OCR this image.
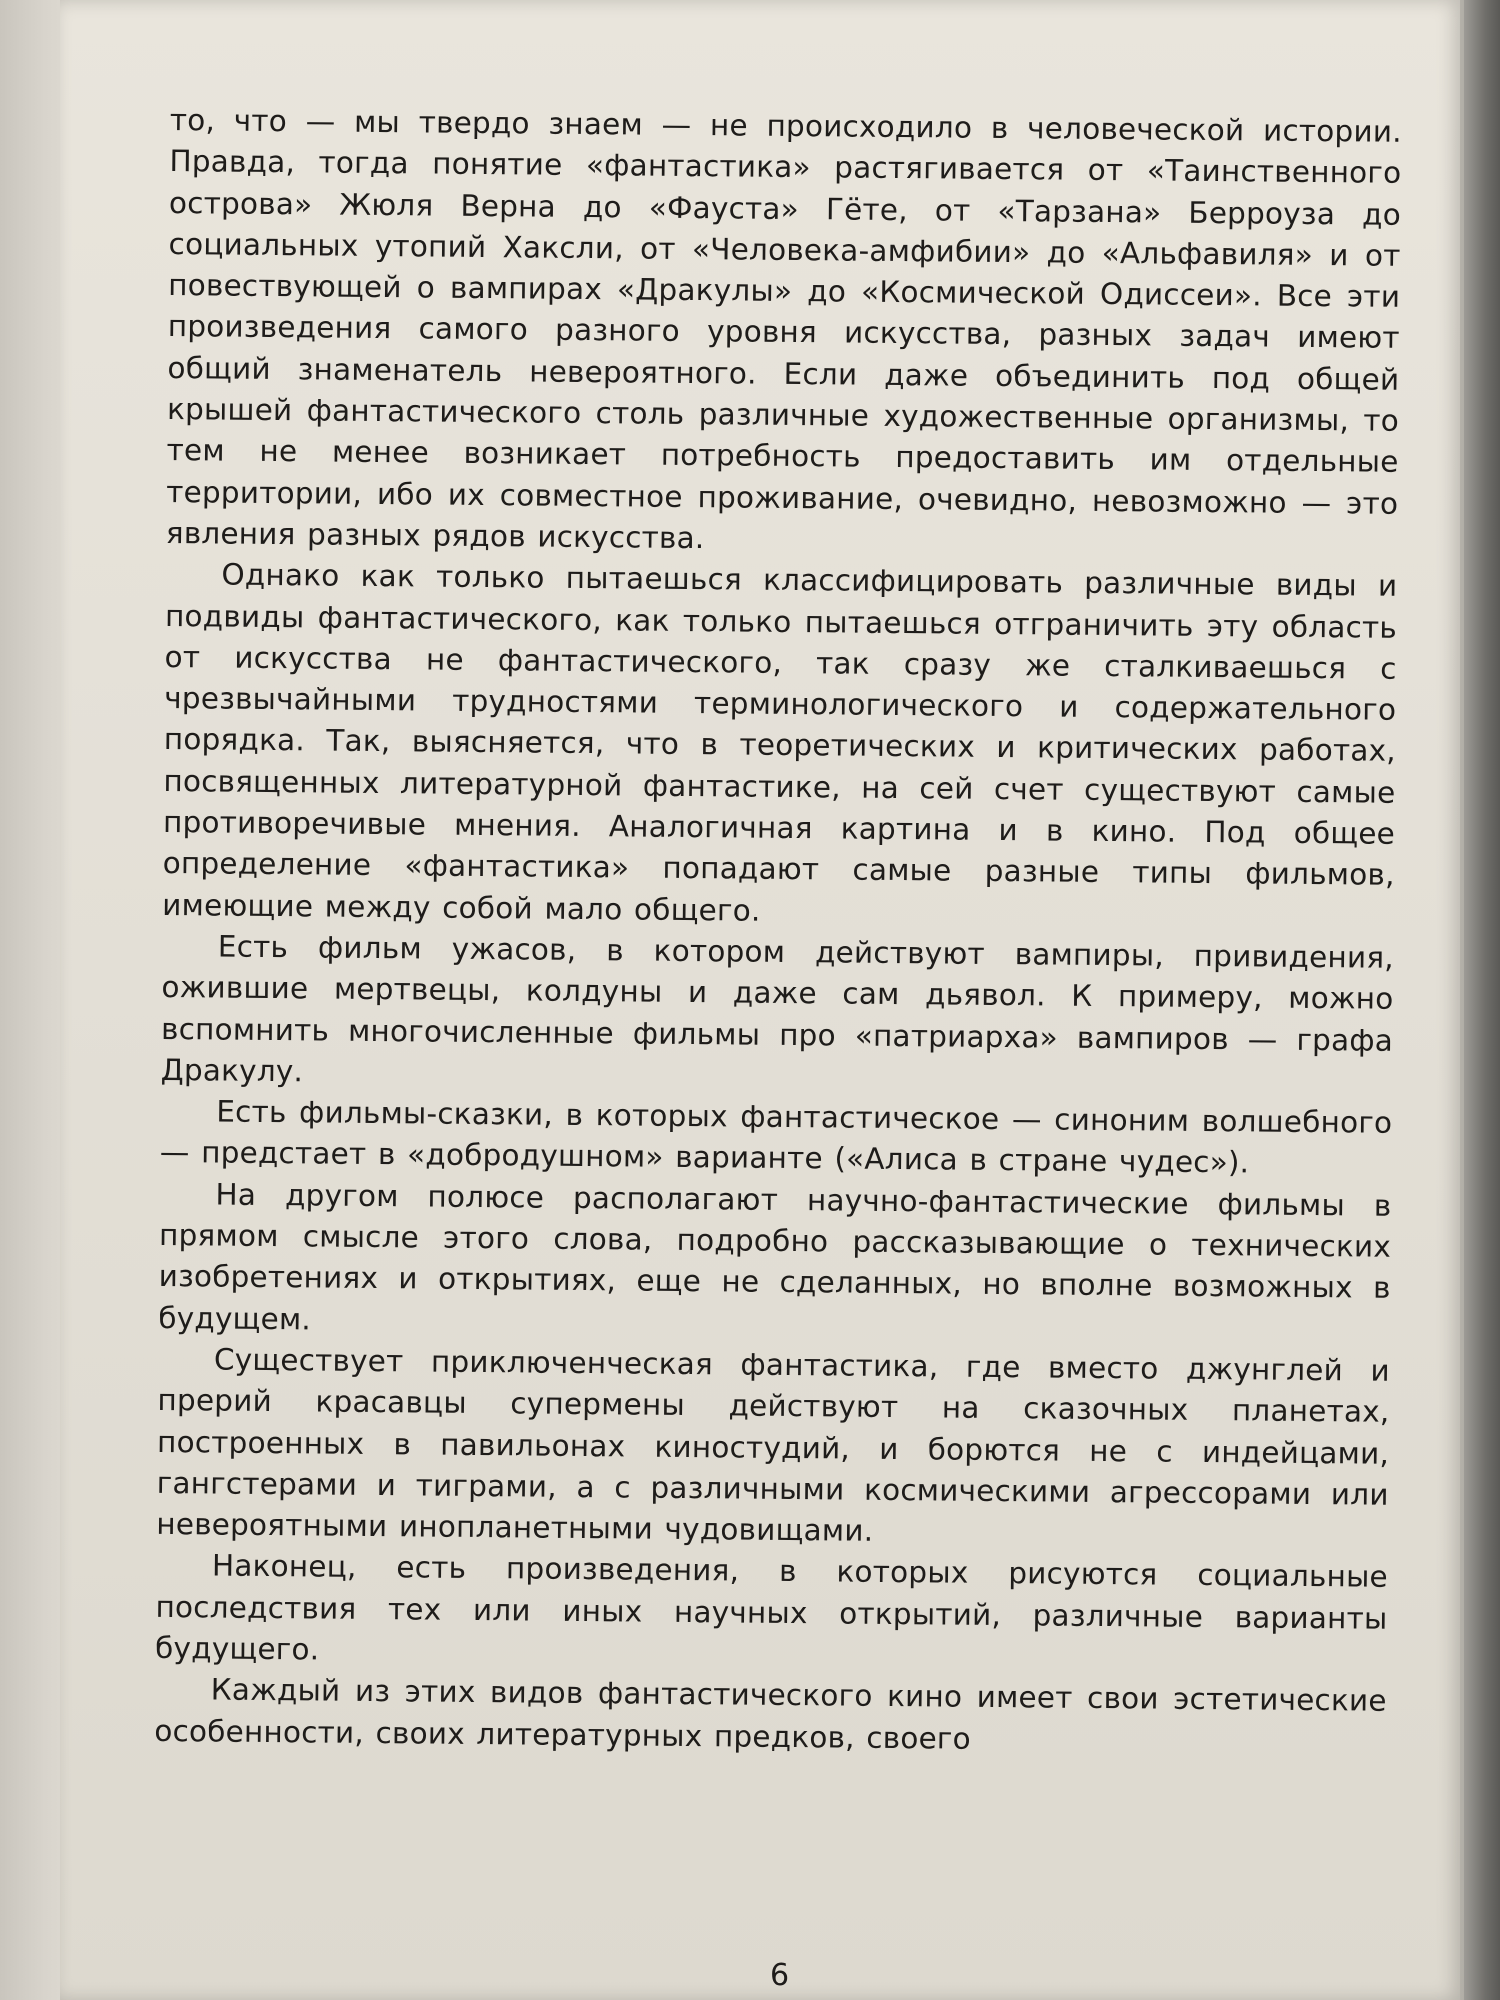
то, что — мы твердо знаем — не происходило в человеческой истории. Правда, тогда понятие «фантастика» растягивается от «Таинственного острова» Жюля Верна до «Фауста» Гёте, от «Тарзана» Берроуза до социальных утопий Хаксли, от «Человека-амфибии» до «Альфавиля» и от повествующей о вампирах «Дракулы» до «Космической Одиссеи». Все эти произведения самого разного уровня искусства, разных задач имеют общий знаменатель невероятного. Если даже объединить под общей крышей фантастического столь различные художественные организмы, то тем не менее возникает потребность предоставить им отдельные территории, ибо их совместное проживание, очевидно, невозможно — это явления разных рядов искусства.

Однако как только пытаешься классифицировать различные виды и подвиды фантастического, как только пытаешься отграничить эту область от искусства не фантастического, так сразу же сталкиваешься с чрезвычайными трудностями терминологического и содержательного порядка. Так, выясняется, что в теоретических и критических работах, посвященных литературной фантастике, на сей счет существуют самые противоречивые мнения. Аналогичная картина и в кино. Под общее определение «фантастика» попадают самые разные типы фильмов, имеющие между собой мало общего.

Есть фильм ужасов, в котором действуют вампиры, привидения, ожившие мертвецы, колдуны и даже сам дьявол. К примеру, можно вспомнить многочисленные фильмы про «патриарха» вампиров — графа Дракулу.

Есть фильмы-сказки, в которых фантастическое — синоним волшебного — предстает в «добродушном» варианте («Алиса в стране чудес»).

На другом полюсе располагают научно-фантастические фильмы в прямом смысле этого слова, подробно рассказывающие о технических изобретениях и открытиях, еще не сделанных, но вполне возможных в будущем.

Существует приключенческая фантастика, где вместо джунглей и прерий красавцы супермены действуют на сказочных планетах, построенных в павильонах киностудий, и борются не с индейцами, гангстерами и тиграми, а с различными космическими агрессорами или невероятными инопланетными чудовищами.

Наконец, есть произведения, в которых рисуются социальные последствия тех или иных научных открытий, различные варианты будущего.

Каждый из этих видов фантастического кино имеет свои эстетические особенности, своих литературных предков, своего

6
